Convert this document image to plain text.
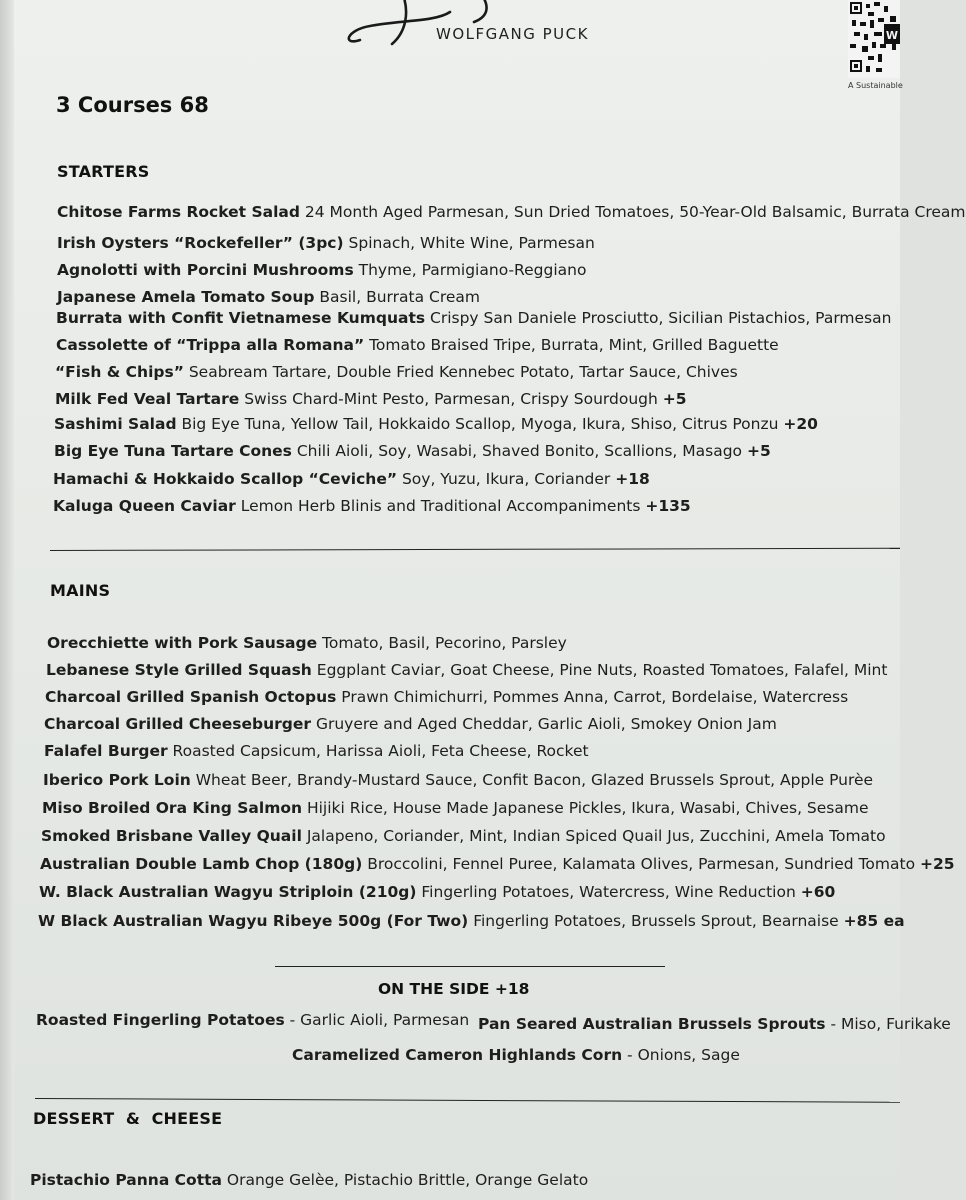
WOLFGANG PUCK	W
A Sustainable
3 Courses 68
STARTERS
Chitose Farms Rocket Salad 24 Month Aged Parmesan, Sun Dried Tomatoes, 50-Year-Old Balsamic, Burrata Cream
Irish Oysters “Rockefeller” (3pc) Spinach, White Wine, Parmesan
Agnolotti with Porcini Mushrooms Thyme, Parmigiano-Reggiano
Japanese Amela Tomato Soup Basil, Burrata Cream
Burrata with Confit Vietnamese Kumquats Crispy San Daniele Prosciutto, Sicilian Pistachios, Parmesan
Cassolette of “Trippa alla Romana” Tomato Braised Tripe, Burrata, Mint, Grilled Baguette
“Fish & Chips” Seabream Tartare, Double Fried Kennebec Potato, Tartar Sauce, Chives
Milk Fed Veal Tartare Swiss Chard-Mint Pesto, Parmesan, Crispy Sourdough +5
Sashimi Salad Big Eye Tuna, Yellow Tail, Hokkaido Scallop, Myoga, Ikura, Shiso, Citrus Ponzu +20
Big Eye Tuna Tartare Cones Chili Aioli, Soy, Wasabi, Shaved Bonito, Scallions, Masago +5
Hamachi & Hokkaido Scallop “Ceviche” Soy, Yuzu, Ikura, Coriander +18
Kaluga Queen Caviar Lemon Herb Blinis and Traditional Accompaniments +135
MAINS
Orecchiette with Pork Sausage Tomato, Basil, Pecorino, Parsley
Lebanese Style Grilled Squash Eggplant Caviar, Goat Cheese, Pine Nuts, Roasted Tomatoes, Falafel, Mint
Charcoal Grilled Spanish Octopus Prawn Chimichurri, Pommes Anna, Carrot, Bordelaise, Watercress
Charcoal Grilled Cheeseburger Gruyere and Aged Cheddar, Garlic Aioli, Smokey Onion Jam
Falafel Burger Roasted Capsicum, Harissa Aioli, Feta Cheese, Rocket
Iberico Pork Loin Wheat Beer, Brandy-Mustard Sauce, Confit Bacon, Glazed Brussels Sprout, Apple Purèe
Miso Broiled Ora King Salmon Hijiki Rice, House Made Japanese Pickles, Ikura, Wasabi, Chives, Sesame
Smoked Brisbane Valley Quail Jalapeno, Coriander, Mint, Indian Spiced Quail Jus, Zucchini, Amela Tomato
Australian Double Lamb Chop (180g) Broccolini, Fennel Puree, Kalamata Olives, Parmesan, Sundried Tomato +25
W. Black Australian Wagyu Striploin (210g) Fingerling Potatoes, Watercress, Wine Reduction +60
W Black Australian Wagyu Ribeye 500g (For Two) Fingerling Potatoes, Brussels Sprout, Bearnaise +85 ea
ON THE SIDE +18
Roasted Fingerling Potatoes - Garlic Aioli, Parmesan Pan Seared Australian Brussels Sprouts - Miso, Furikake
Caramelized Cameron Highlands Corn - Onions, Sage
DESSERT  &  CHEESE
Pistachio Panna Cotta Orange Gelèe, Pistachio Brittle, Orange Gelato
